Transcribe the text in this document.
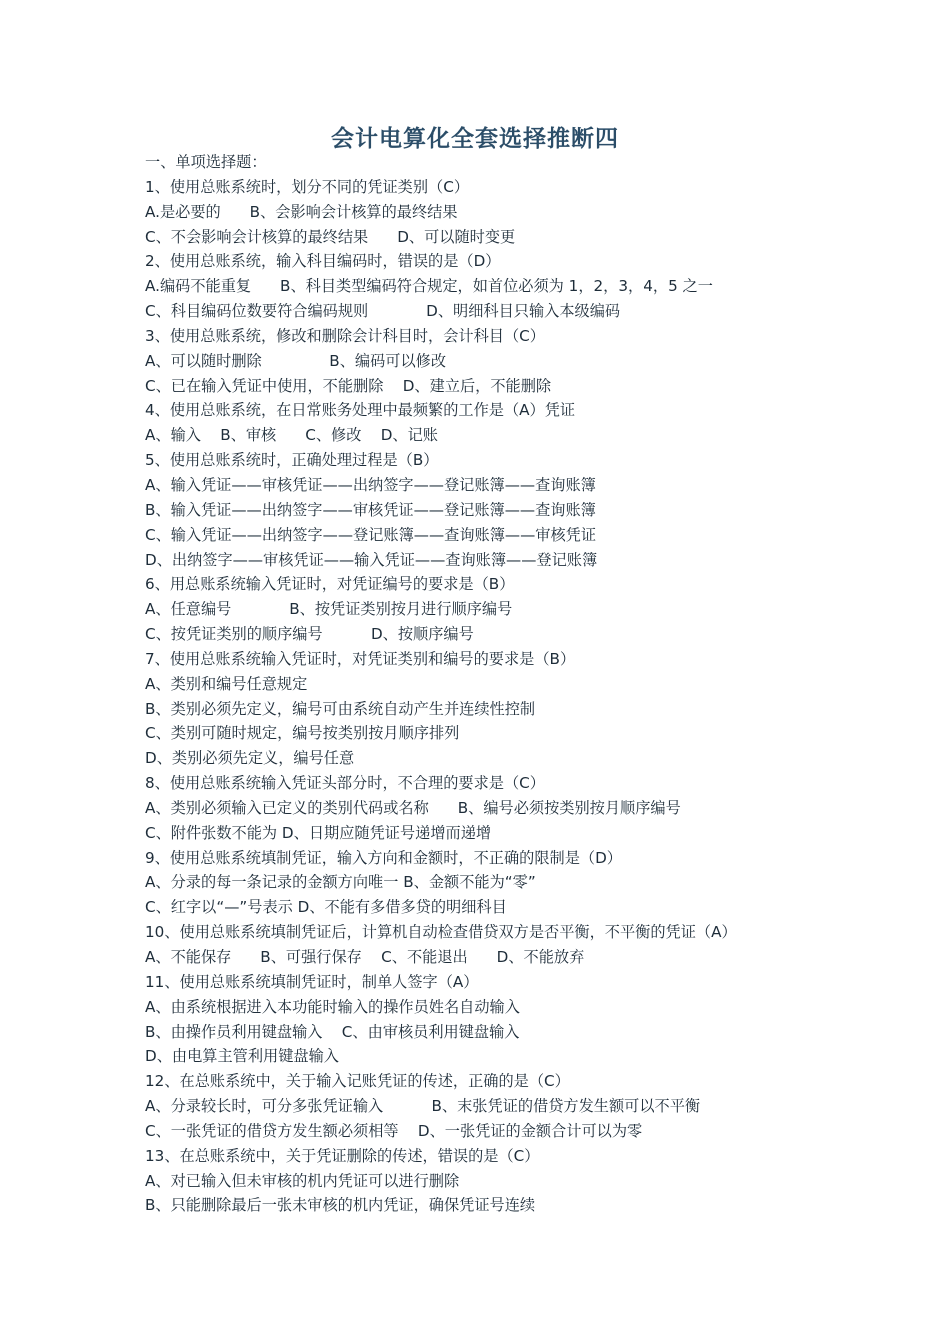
会计电算化全套选择推断四
一、单项选择题：
1、使用总账系统时，划分不同的凭证类别（C）
A.是必要的      B、会影响会计核算的最终结果
C、不会影响会计核算的最终结果      D、可以随时变更
2、使用总账系统，输入科目编码时，错误的是（D）
A.编码不能重复      B、科目类型编码符合规定，如首位必须为 1，2，3，4，5 之一
C、科目编码位数要符合编码规则            D、明细科目只输入本级编码
3、使用总账系统，修改和删除会计科目时，会计科目（C）
A、可以随时删除              B、编码可以修改
C、已在输入凭证中使用，不能删除    D、建立后，不能删除
4、使用总账系统，在日常账务处理中最频繁的工作是（A）凭证
A、输入    B、审核      C、修改    D、记账
5、使用总账系统时，正确处理过程是（B）
A、输入凭证——审核凭证——出纳签字——登记账簿——查询账簿
B、输入凭证——出纳签字——审核凭证——登记账簿——查询账簿
C、输入凭证——出纳签字——登记账簿——查询账簿——审核凭证
D、出纳签字——审核凭证——输入凭证——查询账簿——登记账簿
6、用总账系统输入凭证时，对凭证编号的要求是（B）
A、任意编号            B、按凭证类别按月进行顺序编号
C、按凭证类别的顺序编号          D、按顺序编号
7、使用总账系统输入凭证时，对凭证类别和编号的要求是（B）
A、类别和编号任意规定
B、类别必须先定义，编号可由系统自动产生并连续性控制
C、类别可随时规定，编号按类别按月顺序排列
D、类别必须先定义，编号任意
8、使用总账系统输入凭证头部分时，不合理的要求是（C）
A、类别必须输入已定义的类别代码或名称      B、编号必须按类别按月顺序编号
C、附件张数不能为 D、日期应随凭证号递增而递增
9、使用总账系统填制凭证，输入方向和金额时，不正确的限制是（D）
A、分录的每一条记录的金额方向唯一 B、金额不能为“零”
C、红字以“—”号表示 D、不能有多借多贷的明细科目
10、使用总账系统填制凭证后，计算机自动检查借贷双方是否平衡，不平衡的凭证（A）
A、不能保存      B、可强行保存    C、不能退出      D、不能放弃
11、使用总账系统填制凭证时，制单人签字（A）
A、由系统根据进入本功能时输入的操作员姓名自动输入
B、由操作员利用键盘输入    C、由审核员利用键盘输入
D、由电算主管利用键盘输入
12、在总账系统中，关于输入记账凭证的传述，正确的是（C）
A、分录较长时，可分多张凭证输入          B、末张凭证的借贷方发生额可以不平衡
C、一张凭证的借贷方发生额必须相等    D、一张凭证的金额合计可以为零
13、在总账系统中，关于凭证删除的传述，错误的是（C）
A、对已输入但未审核的机内凭证可以进行删除
B、只能删除最后一张未审核的机内凭证，确保凭证号连续
